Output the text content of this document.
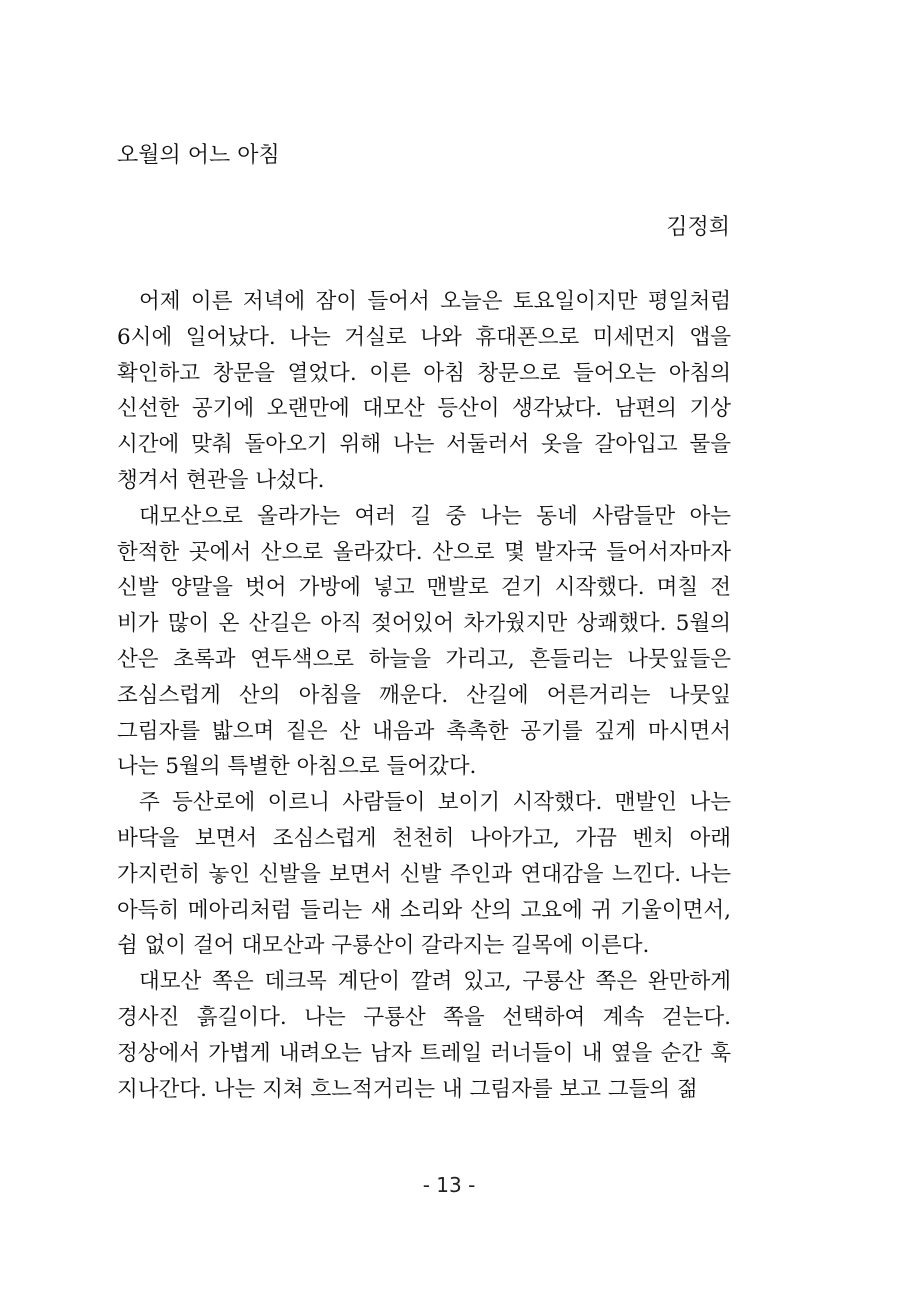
오월의 어느 아침
김정희

어제 이른 저녁에 잠이 들어서 오늘은 토요일이지만 평일처럼 6시에 일어났다. 나는 거실로 나와 휴대폰으로 미세먼지 앱을 확인하고 창문을 열었다. 이른 아침 창문으로 들어오는 아침의 신선한 공기에 오랜만에 대모산 등산이 생각났다. 남편의 기상 시간에 맞춰 돌아오기 위해 나는 서둘러서 옷을 갈아입고 물을 챙겨서 현관을 나섰다.

대모산으로 올라가는 여러 길 중 나는 동네 사람들만 아는 한적한 곳에서 산으로 올라갔다. 산으로 몇 발자국 들어서자마자 신발 양말을 벗어 가방에 넣고 맨발로 걷기 시작했다. 며칠 전 비가 많이 온 산길은 아직 젖어있어 차가웠지만 상쾌했다. 5월의 산은 초록과 연두색으로 하늘을 가리고, 흔들리는 나뭇잎들은 조심스럽게 산의 아침을 깨운다. 산길에 어른거리는 나뭇잎 그림자를 밟으며 짙은 산 내음과 촉촉한 공기를 깊게 마시면서 나는 5월의 특별한 아침으로 들어갔다.

주 등산로에 이르니 사람들이 보이기 시작했다. 맨발인 나는 바닥을 보면서 조심스럽게 천천히 나아가고, 가끔 벤치 아래 가지런히 놓인 신발을 보면서 신발 주인과 연대감을 느낀다. 나는 아득히 메아리처럼 들리는 새 소리와 산의 고요에 귀 기울이면서, 쉼 없이 걸어 대모산과 구룡산이 갈라지는 길목에 이른다.

대모산 쪽은 데크목 계단이 깔려 있고, 구룡산 쪽은 완만하게 경사진 흙길이다. 나는 구룡산 쪽을 선택하여 계속 걷는다. 정상에서 가볍게 내려오는 남자 트레일 러너들이 내 옆을 순간 훅 지나간다. 나는 지쳐 흐느적거리는 내 그림자를 보고 그들의 젊

- 13 -
